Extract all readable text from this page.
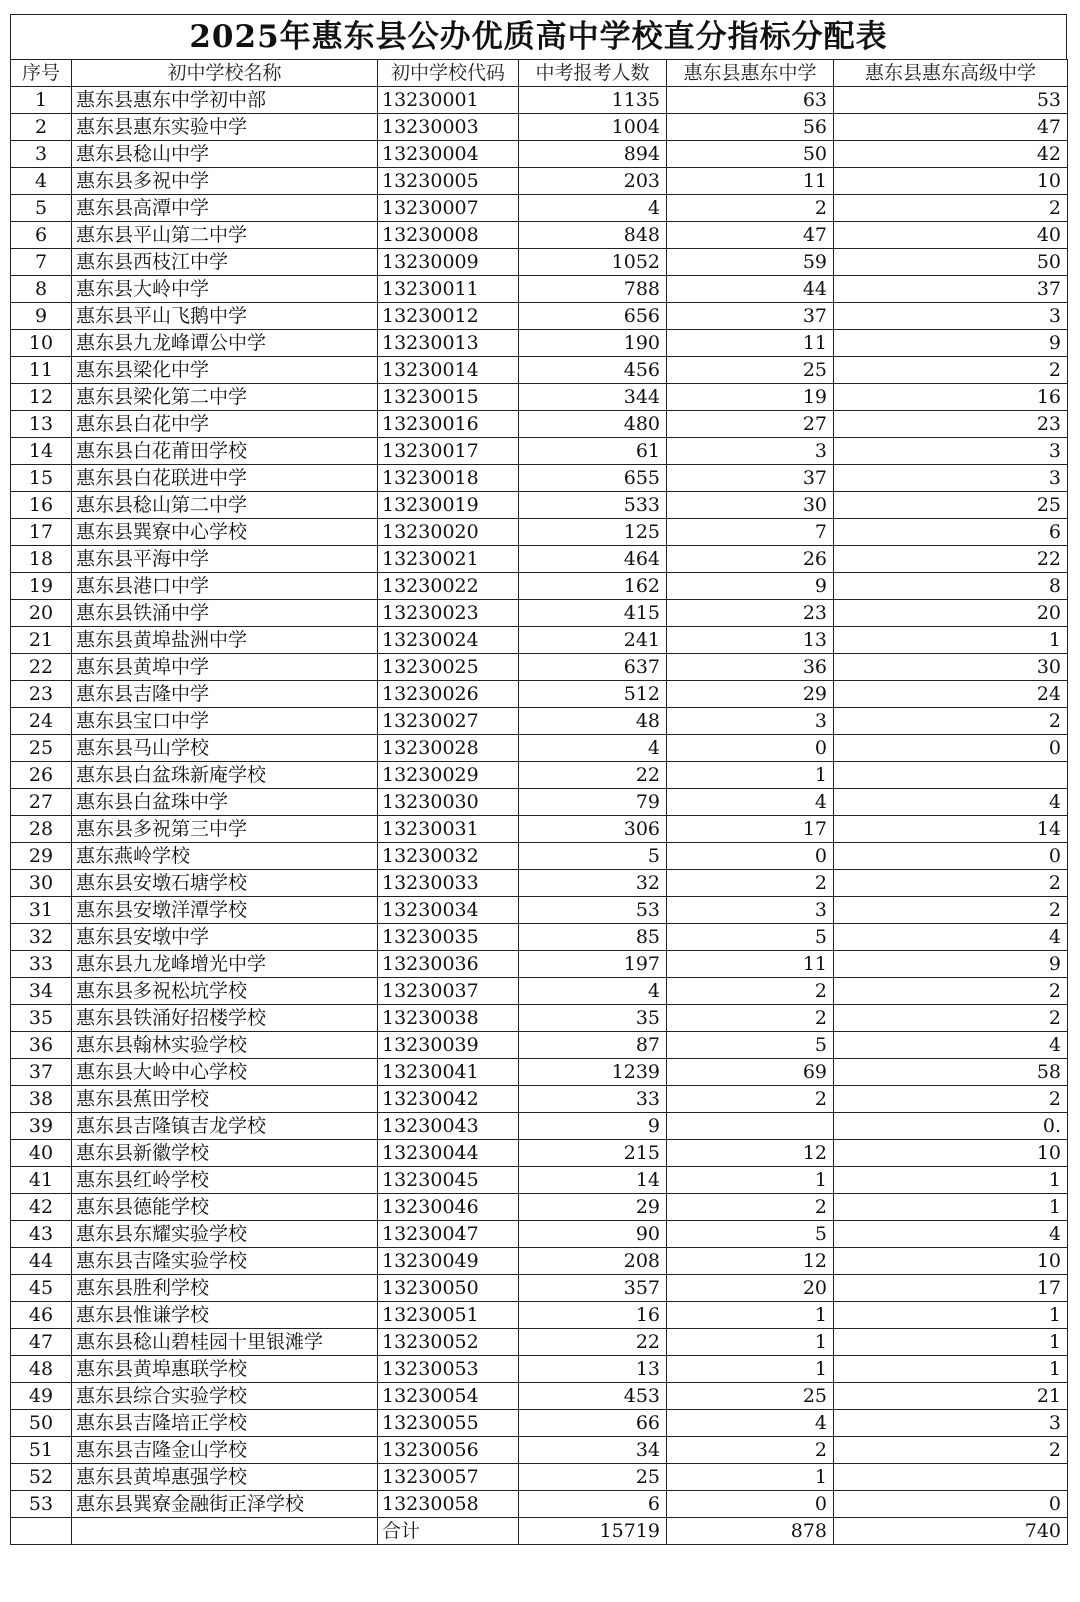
2025年惠东县公办优质高中学校直分指标分配表
序号	初中学校名称	初中学校代码	中考报考人数	惠东县惠东中学	惠东县惠东高级中学
1	惠东县惠东中学初中部	13230001	1135	63	53
2	惠东县惠东实验中学	13230003	1004	56	47
3	惠东县稔山中学	13230004	894	50	42
4	惠东县多祝中学	13230005	203	11	10
5	惠东县高潭中学	13230007	4	2	2
6	惠东县平山第二中学	13230008	848	47	40
7	惠东县西枝江中学	13230009	1052	59	50
8	惠东县大岭中学	13230011	788	44	37
9	惠东县平山飞鹅中学	13230012	656	37	3
10	惠东县九龙峰谭公中学	13230013	190	11	9
11	惠东县梁化中学	13230014	456	25	2
12	惠东县梁化第二中学	13230015	344	19	16
13	惠东县白花中学	13230016	480	27	23
14	惠东县白花莆田学校	13230017	61	3	3
15	惠东县白花联进中学	13230018	655	37	3
16	惠东县稔山第二中学	13230019	533	30	25
17	惠东县巽寮中心学校	13230020	125	7	6
18	惠东县平海中学	13230021	464	26	22
19	惠东县港口中学	13230022	162	9	8
20	惠东县铁涌中学	13230023	415	23	20
21	惠东县黄埠盐洲中学	13230024	241	13	1
22	惠东县黄埠中学	13230025	637	36	30
23	惠东县吉隆中学	13230026	512	29	24
24	惠东县宝口中学	13230027	48	3	2
25	惠东县马山学校	13230028	4	0	0
26	惠东县白盆珠新庵学校	13230029	22	1	
27	惠东县白盆珠中学	13230030	79	4	4
28	惠东县多祝第三中学	13230031	306	17	14
29	惠东燕岭学校	13230032	5	0	0
30	惠东县安墩石塘学校	13230033	32	2	2
31	惠东县安墩洋潭学校	13230034	53	3	2
32	惠东县安墩中学	13230035	85	5	4
33	惠东县九龙峰增光中学	13230036	197	11	9
34	惠东县多祝松坑学校	13230037	4	2	2
35	惠东县铁涌好招楼学校	13230038	35	2	2
36	惠东县翰林实验学校	13230039	87	5	4
37	惠东县大岭中心学校	13230041	1239	69	58
38	惠东县蕉田学校	13230042	33	2	2
39	惠东县吉隆镇吉龙学校	13230043	9		0.
40	惠东县新徽学校	13230044	215	12	10
41	惠东县红岭学校	13230045	14	1	1
42	惠东县德能学校	13230046	29	2	1
43	惠东县东耀实验学校	13230047	90	5	4
44	惠东县吉隆实验学校	13230049	208	12	10
45	惠东县胜利学校	13230050	357	20	17
46	惠东县惟谦学校	13230051	16	1	1
47	惠东县稔山碧桂园十里银滩学	13230052	22	1	1
48	惠东县黄埠惠联学校	13230053	13	1	1
49	惠东县综合实验学校	13230054	453	25	21
50	惠东县吉隆培正学校	13230055	66	4	3
51	惠东县吉隆金山学校	13230056	34	2	2
52	惠东县黄埠惠强学校	13230057	25	1	
53	惠东县巽寮金融街正泽学校	13230058	6	0	0
		合计	15719	878	740
